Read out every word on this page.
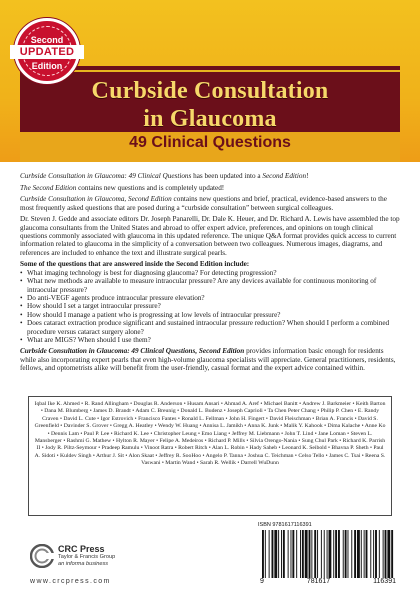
Second
UPDATED
Edition
Curbside Consultation
in Glaucoma
49 Clinical Questions

Curbside Consultation in Glaucoma: 49 Clinical Questions has been updated into a Second Edition!

The Second Edition contains new questions and is completely updated!

Curbside Consultation in Glaucoma, Second Edition contains new questions and brief, practical, evidence-based answers to the most frequently asked questions that are posed during a “curbside consultation” between surgical colleagues.

Dr. Steven J. Gedde and associate editors Dr. Joseph Panarelli, Dr. Dale K. Heuer, and Dr. Richard A. Lewis have assembled the top glaucoma consultants from the United States and abroad to offer expert advice, preferences, and opinions on tough clinical questions commonly associated with glaucoma in this updated reference. The unique Q&A format provides quick access to current information related to glaucoma in the simplicity of a conversation between two colleagues. Numerous images, diagrams, and references are included to enhance the text and illustrate surgical pearls.

Some of the questions that are answered inside the Second Edition include:

• What imaging technology is best for diagnosing glaucoma? For detecting progression?
• What new methods are available to measure intraocular pressure? Are any devices available for continuous monitoring of intraocular pressure?
• Do anti-VEGF agents produce intraocular pressure elevation?
• How should I set a target intraocular pressure?
• How should I manage a patient who is progressing at low levels of intraocular pressure?
• Does cataract extraction produce significant and sustained intraocular pressure reduction? When should I perform a combined procedure versus cataract surgery alone?
• What are MIGS? When should I use them?

Curbside Consultation in Glaucoma: 49 Clinical Questions, Second Edition provides information basic enough for residents while also incorporating expert pearls that even high-volume glaucoma specialists will appreciate. General practitioners, residents, fellows, and optometrists alike will benefit from the user-friendly, casual format and the expert advice contained within.

Iqbal Ike K. Ahmed • R. Rand Allingham • Douglas R. Anderson • Husam Ansari • Ahmad A. Aref • Michael Banitt • Andrew J. Barkmeier • Keith Barton • Dana M. Blumberg • James D. Brandt • Adam C. Breunig • Donald L. Budenz • Joseph Caprioli • Ta Chen Peter Chang • Philip P. Chen • E. Randy Craven • David L. Cute • Igor Estrovich • Francisco Fantes • Ronald L. Fellman • John H. Fingert • David Fleischman • Brian A. Francis • David S. Greenfield • Davinder S. Grover • Gregg A. Heatley • Wendy W. Huang • Annisa L. Jamikh • Anna K. Junk • Malik Y. Kahook • Dima Kalache • Anne Ko • Dennis Lam • Paul P. Lee • Richard K. Lee • Christopher Leung • Emo Liang • Jeffrey M. Liebmann • John T. Lind • Jane Loman • Steven L. Mansberger • Rashmi G. Mathew • Hylton R. Mayer • Felipe A. Medeiros • Richard P. Mills • Silvia Orengo-Nania • Sung Chul Park • Richard K. Parrish II • Jody R. Piltz-Seymour • Pradeep Ramulu • Vinoot Ratra • Robert Ritch • Alan L. Robin • Hady Saheb • Leonard K. Seibold • Bhavna P. Sheth • Paul A. Sidoti • Kuldev Singh • Arthur J. Sit • Alon Skaat • Jeffrey R. SooHoo • Angelo P. Tanna • Joshua C. Teichman • Celso Tello • James C. Tsai • Reena S. Vaswani • Martin Wand • Sarah R. Wellik • Darrell WuDunn
ISBN 9781617116391
9	781617	116391
CRC Press
Taylor & Francis Group
an informa business
www.crcpress.com
